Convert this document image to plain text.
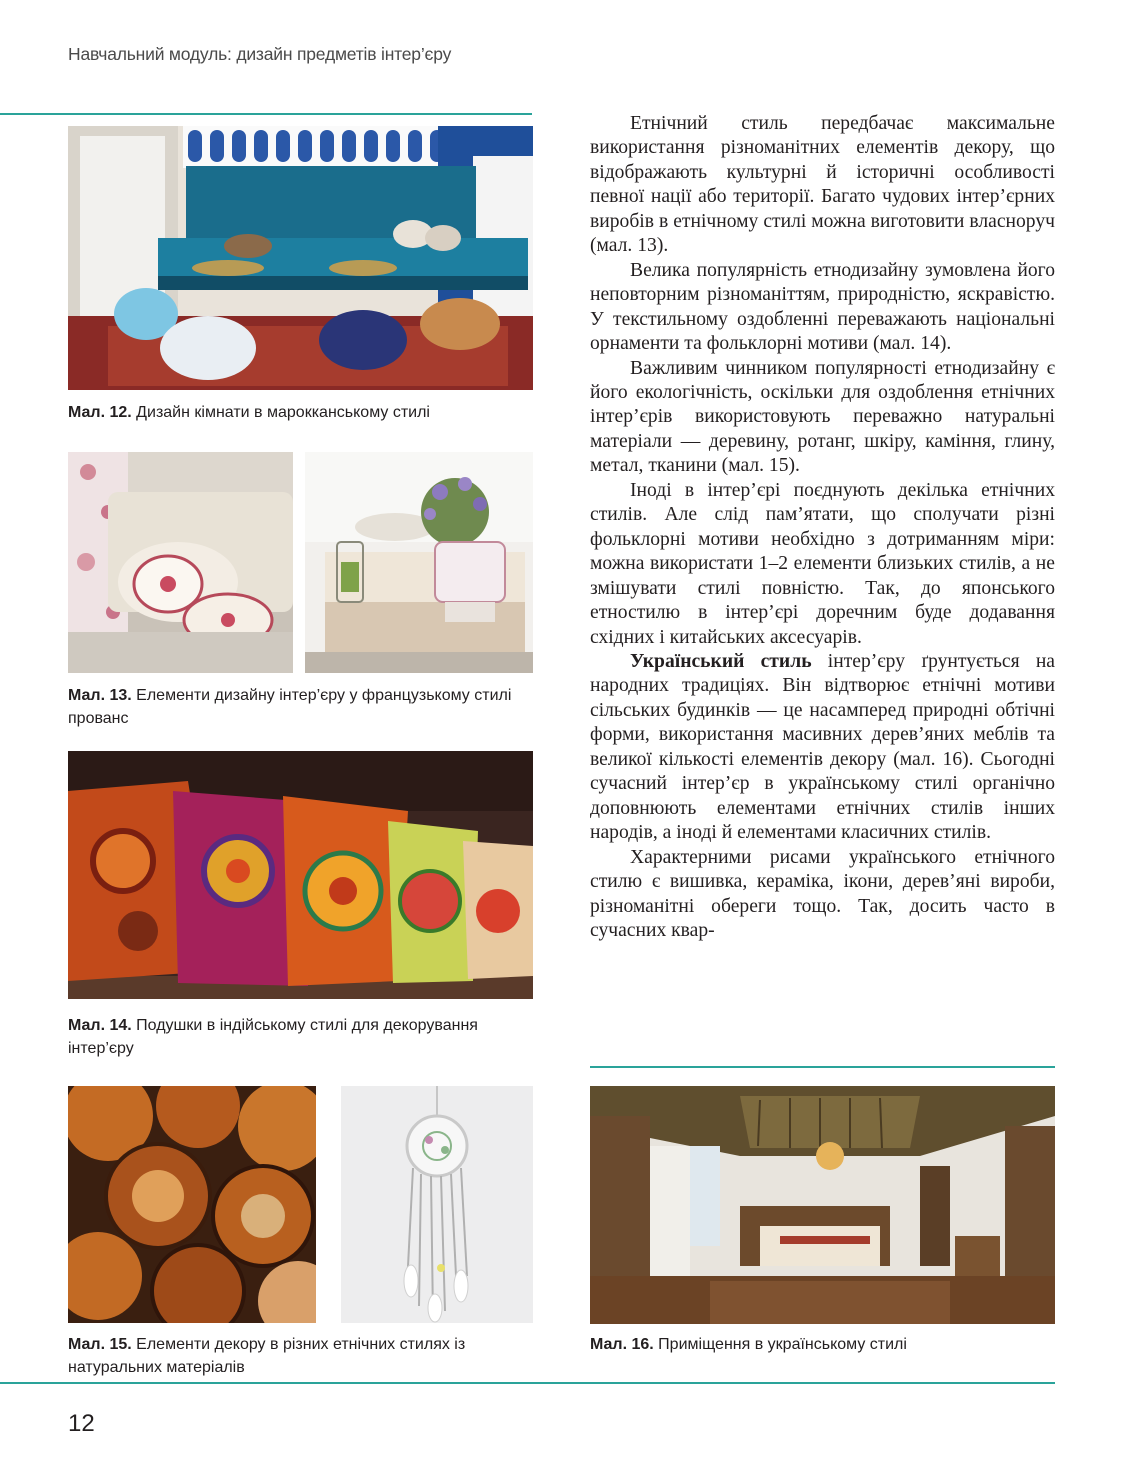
Навчальний модуль: дизайн предметів інтер’єру
Мал. 12. Дизайн кімнати в марокканському стилі
Мал. 13. Елементи дизайну інтер’єру у французькому стилі прованс
Мал. 14. Подушки в індійському стилі для декорування інтер’єру
Мал. 15. Елементи декору в різних етнічних стилях із натуральних матеріалів
Мал. 16. Приміщення в українському стилі

Етнічний стиль передбачає максимальне використання різноманітних елементів декору, що відображають культурні й історичні особливості певної нації або території. Багато чудових інтер’єрних виробів в етнічному стилі можна виготовити власноруч (мал. 13).

Велика популярність етнодизайну зумовлена його неповторним різноманіттям, природністю, яскравістю. У текстильному оздобленні переважають національні орнаменти та фольклорні мотиви (мал. 14).

Важливим чинником популярності етнодизайну є його екологічність, оскільки для оздоблення етнічних інтер’єрів використовують переважно натуральні матеріали — деревину, ротанг, шкіру, каміння, глину, метал, тканини (мал. 15).

Іноді в інтер’єрі поєднують декілька етнічних стилів. Але слід пам’ятати, що сполучати різні фольклорні мотиви необхідно з дотриманням міри: можна використати 1–2 елементи близьких стилів, а не змішувати стилі повністю. Так, до японського етностилю в інтер’єрі доречним буде додавання східних і китайських аксесуарів.

Український стиль інтер’єру ґрунтується на народних традиціях. Він відтворює етнічні мотиви сільських будинків — це насамперед природні обтічні форми, використання масивних дерев’яних меблів та великої кількості елементів декору (мал. 16). Сьогодні сучасний інтер’єр в українському стилі органічно доповнюють елементами етнічних стилів інших народів, а іноді й елементами класичних стилів.

Характерними рисами українського етнічного стилю є вишивка, кераміка, ікони, дерев’яні вироби, різноманітні обереги тощо. Так, досить часто в сучасних квар-

12
